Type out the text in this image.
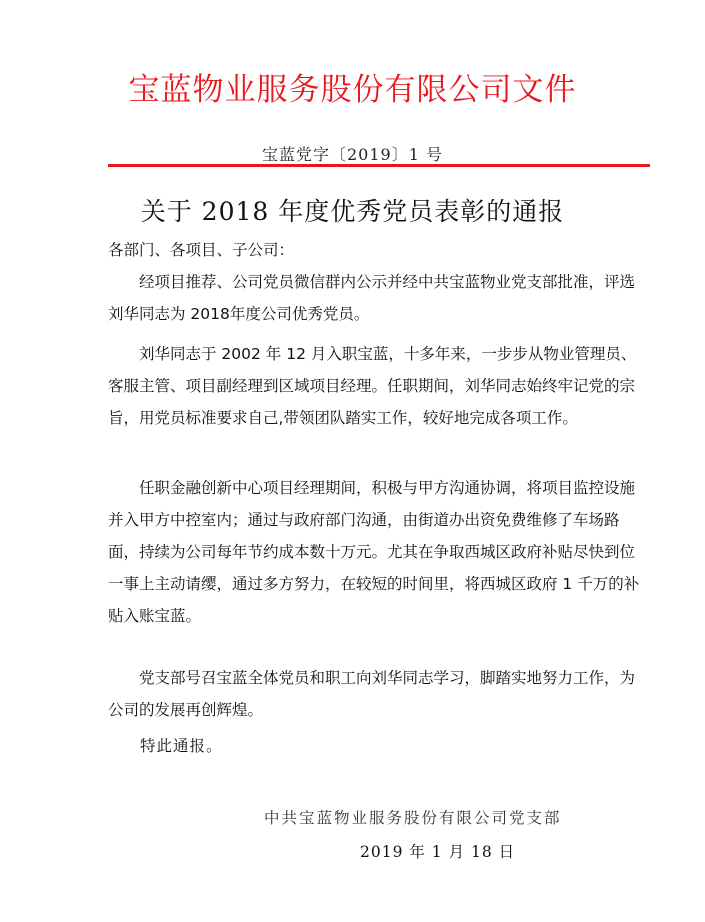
宝蓝物业服务股份有限公司文件
宝蓝党字〔2019〕1 号
关于 2018 年度优秀党员表彰的通报
各部门、各项目、子公司：

经项目推荐、公司党员微信群内公示并经中共宝蓝物业党支部批准，评选刘华同志为 2018年度公司优秀党员。

刘华同志于 2002 年 12 月入职宝蓝，十多年来，一步步从物业管理员、客服主管、项目副经理到区域项目经理。任职期间，刘华同志始终牢记党的宗旨，用党员标准要求自己,带领团队踏实工作，较好地完成各项工作。

任职金融创新中心项目经理期间，积极与甲方沟通协调，将项目监控设施并入甲方中控室内；通过与政府部门沟通，由街道办出资免费维修了车场路面，持续为公司每年节约成本数十万元。尤其在争取西城区政府补贴尽快到位一事上主动请缨，通过多方努力，在较短的时间里，将西城区政府 1 千万的补贴入账宝蓝。

党支部号召宝蓝全体党员和职工向刘华同志学习，脚踏实地努力工作，为公司的发展再创辉煌。

特此通报。
中共宝蓝物业服务股份有限公司党支部
2019 年 1 月 18 日
